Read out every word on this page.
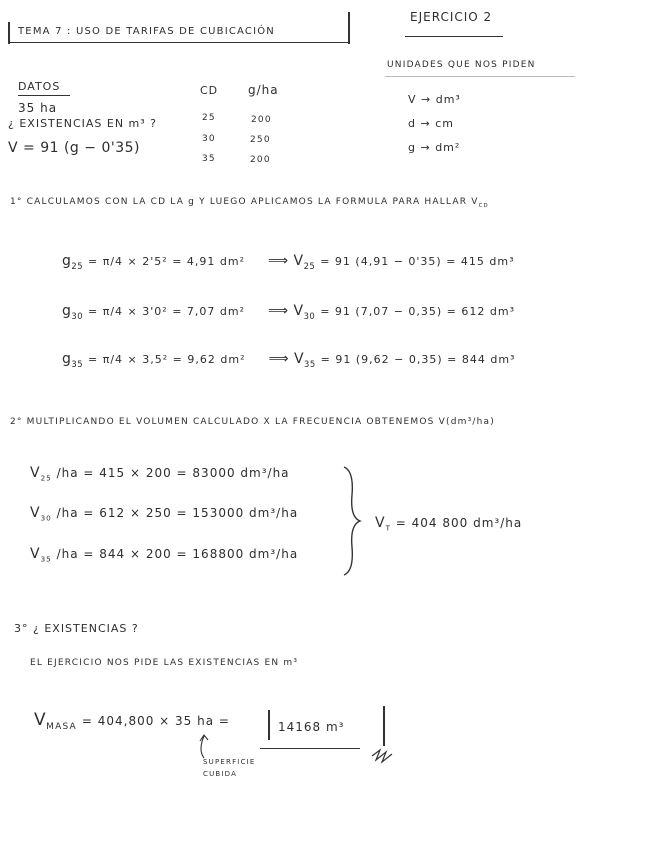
TEMA 7 : USO DE TARIFAS DE CUBICACIÓN
EJERCICIO 2
UNIDADES QUE NOS PIDEN
V → dm³
d → cm
g → dm²
DATOS
35 ha
¿ EXISTENCIAS EN m³ ?
V = 91 (g − 0'35)
CD g/ha
25	200
30	250
35	200
1° CALCULAMOS CON LA CD LA g Y LUEGO APLICAMOS LA FORMULA PARA HALLAR $V_{CD}$
$g_{25} = \pi/4 \times 2'5^2 = 4,91$ dm² ⟹ $V_{25} = 91$ (4,91 − 0'35) = 415 dm³
$g_{30} = \pi/4 \times 3'0^2 = 7,07$ dm² ⟹ $V_{30} = 91$ (7,07 − 0,35) = 612 dm³
$g_{35} = \pi/4 \times 3,5^2 = 9,62$ dm² ⟹ $V_{35} = 91$ (9,62 − 0,35) = 844 dm³
2° MULTIPLICANDO EL VOLUMEN CALCULADO X LA FRECUENCIA OBTENEMOS V(dm³/ha)
$V_{25}$ /ha = 415 × 200 = 83000 dm³/ha
$V_{30}$ /ha = 612 × 250 = 153000 dm³/ha
$V_{35}$ /ha = 844 × 200 = 168800 dm³/ha
$V_T = 404$ 800 dm³/ha
3° ¿ EXISTENCIAS ?
EL EJERCICIO NOS PIDE LAS EXISTENCIAS EN m³
$V_{MASA} = 404,800 \times 35$ ha =	14168 m³
SUPERFICIE
CUBIDA
